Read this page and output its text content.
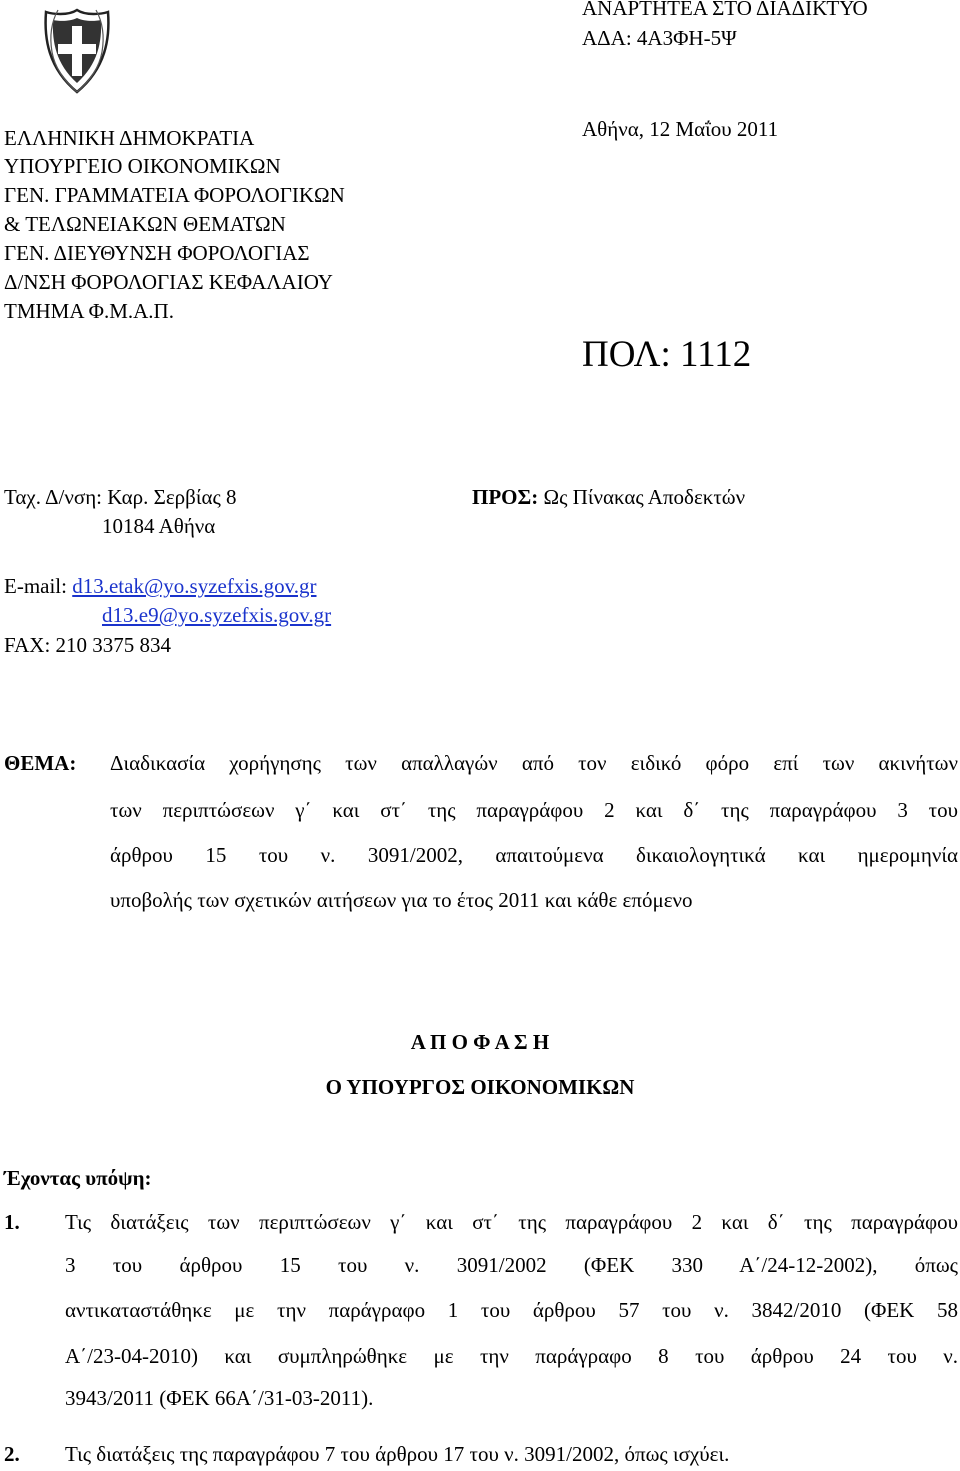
ΑΝΑΡΤΗΤΕΑ ΣΤΟ ΔΙΑΔΙΚΤΥΟ
ΑΔΑ: 4Α3ΦΗ-5Ψ
Αθήνα, 12 Μαΐου 2011
ΠΟΛ: 1112
ΕΛΛΗΝΙΚΗ ΔΗΜΟΚΡΑΤΙΑ
ΥΠΟΥΡΓΕΙΟ ΟΙΚΟΝΟΜΙΚΩΝ
ΓΕΝ. ΓΡΑΜΜΑΤΕΙΑ ΦΟΡΟΛΟΓΙΚΩΝ
& ΤΕΛΩΝΕΙΑΚΩΝ ΘΕΜΑΤΩΝ
ΓΕΝ. ΔΙΕΥΘΥΝΣΗ ΦΟΡΟΛΟΓΙΑΣ
Δ/ΝΣΗ ΦΟΡΟΛΟΓΙΑΣ ΚΕΦΑΛΑΙΟΥ
ΤΜΗΜΑ Φ.Μ.Α.Π.
Ταχ. Δ/νση: Καρ. Σερβίας 8
10184 Αθήνα
E-mail: d13.etak@yo.syzefxis.gov.gr
d13.e9@yo.syzefxis.gov.gr
FAX: 210 3375 834
ΠΡΟΣ: Ως Πίνακας Αποδεκτών
ΘΕΜΑ: Διαδικασία χορήγησης των απαλλαγών από τον ειδικό φόρο επί των ακινήτων
των περιπτώσεων γ΄ και στ΄ της παραγράφου 2 και δ΄ της παραγράφου 3 του
άρθρου 15 του ν. 3091/2002, απαιτούμενα δικαιολογητικά και ημερομηνία
υποβολής των σχετικών αιτήσεων για το έτος 2011 και κάθε επόμενο
Α Π Ο Φ Α Σ Η
Ο ΥΠΟΥΡΓΟΣ ΟΙΚΟΝΟΜΙΚΩΝ
Έχοντας υπόψη:
1. Τις διατάξεις των περιπτώσεων γ΄ και στ΄ της παραγράφου 2 και δ΄ της παραγράφου
3 του άρθρου 15 του ν. 3091/2002 (ΦΕΚ 330 Α΄/24-12-2002), όπως
αντικαταστάθηκε με την παράγραφο 1 του άρθρου 57 του ν. 3842/2010 (ΦΕΚ 58
Α΄/23-04-2010) και συμπληρώθηκε με την παράγραφο 8 του άρθρου 24 του ν.
3943/2011 (ΦΕΚ 66Α΄/31-03-2011).
2. Τις διατάξεις της παραγράφου 7 του άρθρου 17 του ν. 3091/2002, όπως ισχύει.
